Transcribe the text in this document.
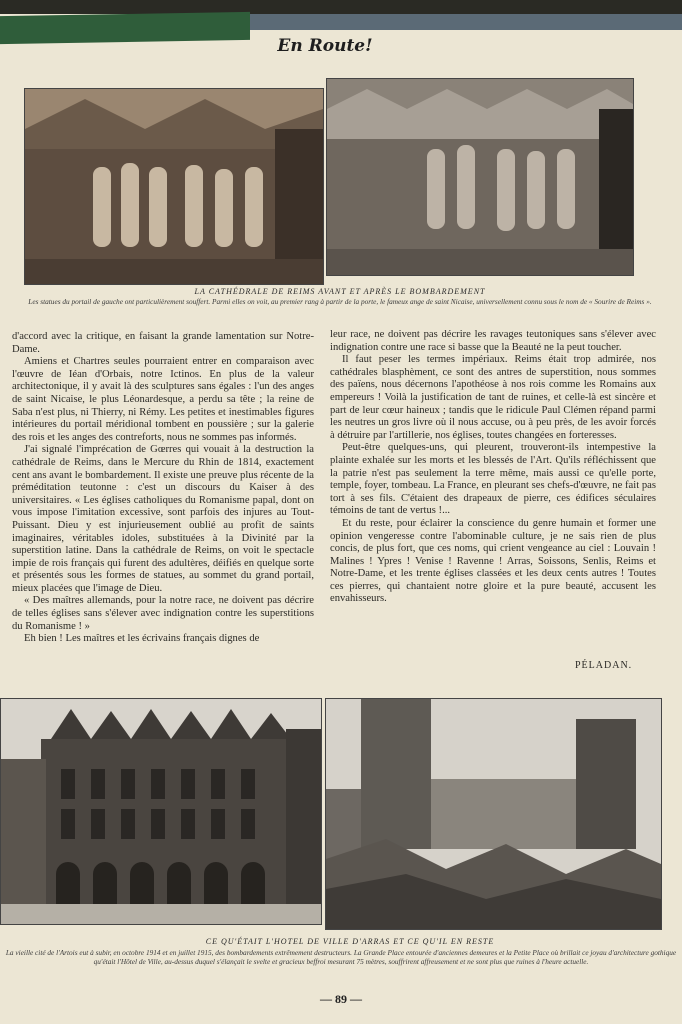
En Route!
LA CATHÉDRALE DE REIMS AVANT ET APRÈS LE BOMBARDEMENT
Les statues du portail de gauche ont particulièrement souffert. Parmi elles on voit, au premier rang à partir de la porte, le fameux ange de saint Nicaise, universellement connu sous le nom de « Sourire de Reims ».

d'accord avec la critique, en faisant la grande lamentation sur Notre-Dame.

Amiens et Chartres seules pourraient entrer en comparaison avec l'œuvre de Iéan d'Orbais, notre Ictinos. En plus de la valeur architectonique, il y avait là des sculptures sans égales : l'un des anges de saint Nicaise, le plus Léonardesque, a perdu sa tête ; la reine de Saba n'est plus, ni Thierry, ni Rémy. Les petites et inestimables figures intérieures du portail méridional tombent en poussière ; sur la galerie des rois et les anges des contreforts, nous ne sommes pas informés.

J'ai signalé l'imprécation de Gœrres qui vouait à la destruction la cathédrale de Reims, dans le Mercure du Rhin de 1814, exactement cent ans avant le bombardement. Il existe une preuve plus récente de la préméditation teutonne : c'est un discours du Kaiser à des universitaires. « Les églises catholiques du Romanisme papal, dont on vous impose l'imitation excessive, sont parfois des injures au Tout-Puissant. Dieu y est injurieusement oublié au profit de saints imaginaires, véritables idoles, substituées à la Divinité par la superstition latine. Dans la cathédrale de Reims, on voit le spectacle impie de rois français qui furent des adultères, déifiés en quelque sorte et présentés sous les formes de statues, au sommet du grand portail, mieux placées que l'image de Dieu.

« Des maîtres allemands, pour la notre race, ne doivent pas décrire de telles églises sans s'élever avec indignation contre les superstitions du Romanisme ! »

Eh bien ! Les maîtres et les écrivains français dignes de

leur race, ne doivent pas décrire les ravages teutoniques sans s'élever avec indignation contre une race si basse que la Beauté ne la peut toucher.

Il faut peser les termes impériaux. Reims était trop admirée, nos cathédrales blasphèment, ce sont des antres de superstition, nous sommes des païens, nous décernons l'apothéose à nos rois comme les Romains aux empereurs ! Voilà la justification de tant de ruines, et celle-là est sincère et part de leur cœur haineux ; tandis que le ridicule Paul Clémen répand parmi les neutres un gros livre où il nous accuse, ou à peu près, de les avoir forcés à détruire par l'artillerie, nos églises, toutes changées en forteresses.

Peut-être quelques-uns, qui pleurent, trouveront-ils intempestive la plainte exhalée sur les morts et les blessés de l'Art. Qu'ils réfléchissent que la patrie n'est pas seulement la terre même, mais aussi ce qu'elle porte, temple, foyer, tombeau. La France, en pleurant ses chefs-d'œuvre, ne fait pas tort à ses fils. C'étaient des drapeaux de pierre, ces édifices séculaires témoins de tant de vertus !...

Et du reste, pour éclairer la conscience du genre humain et former une opinion vengeresse contre l'abominable culture, je ne sais rien de plus concis, de plus fort, que ces noms, qui crient vengeance au ciel : Louvain ! Malines ! Ypres ! Venise ! Ravenne ! Arras, Soissons, Senlis, Reims et Notre-Dame, et les trente églises classées et les deux cents autres ! Toutes ces pierres, qui chantaient notre gloire et la pure beauté, accusent les envahisseurs.

PÉLADAN.
CE QU'ÉTAIT L'HOTEL DE VILLE D'ARRAS ET CE QU'IL EN RESTE
La vieille cité de l'Artois eut à subir, en octobre 1914 et en juillet 1915, des bombardements extrêmement destructeurs. La Grande Place entourée d'anciennes demeures et la Petite Place où brillait ce joyau d'architecture gothique qu'était l'Hôtel de Ville, au-dessus duquel s'élançait le svelte et gracieux beffroi mesurant 75 mètres, souffrirent affreusement et ne sont plus que ruines à l'heure actuelle.
— 89 —
